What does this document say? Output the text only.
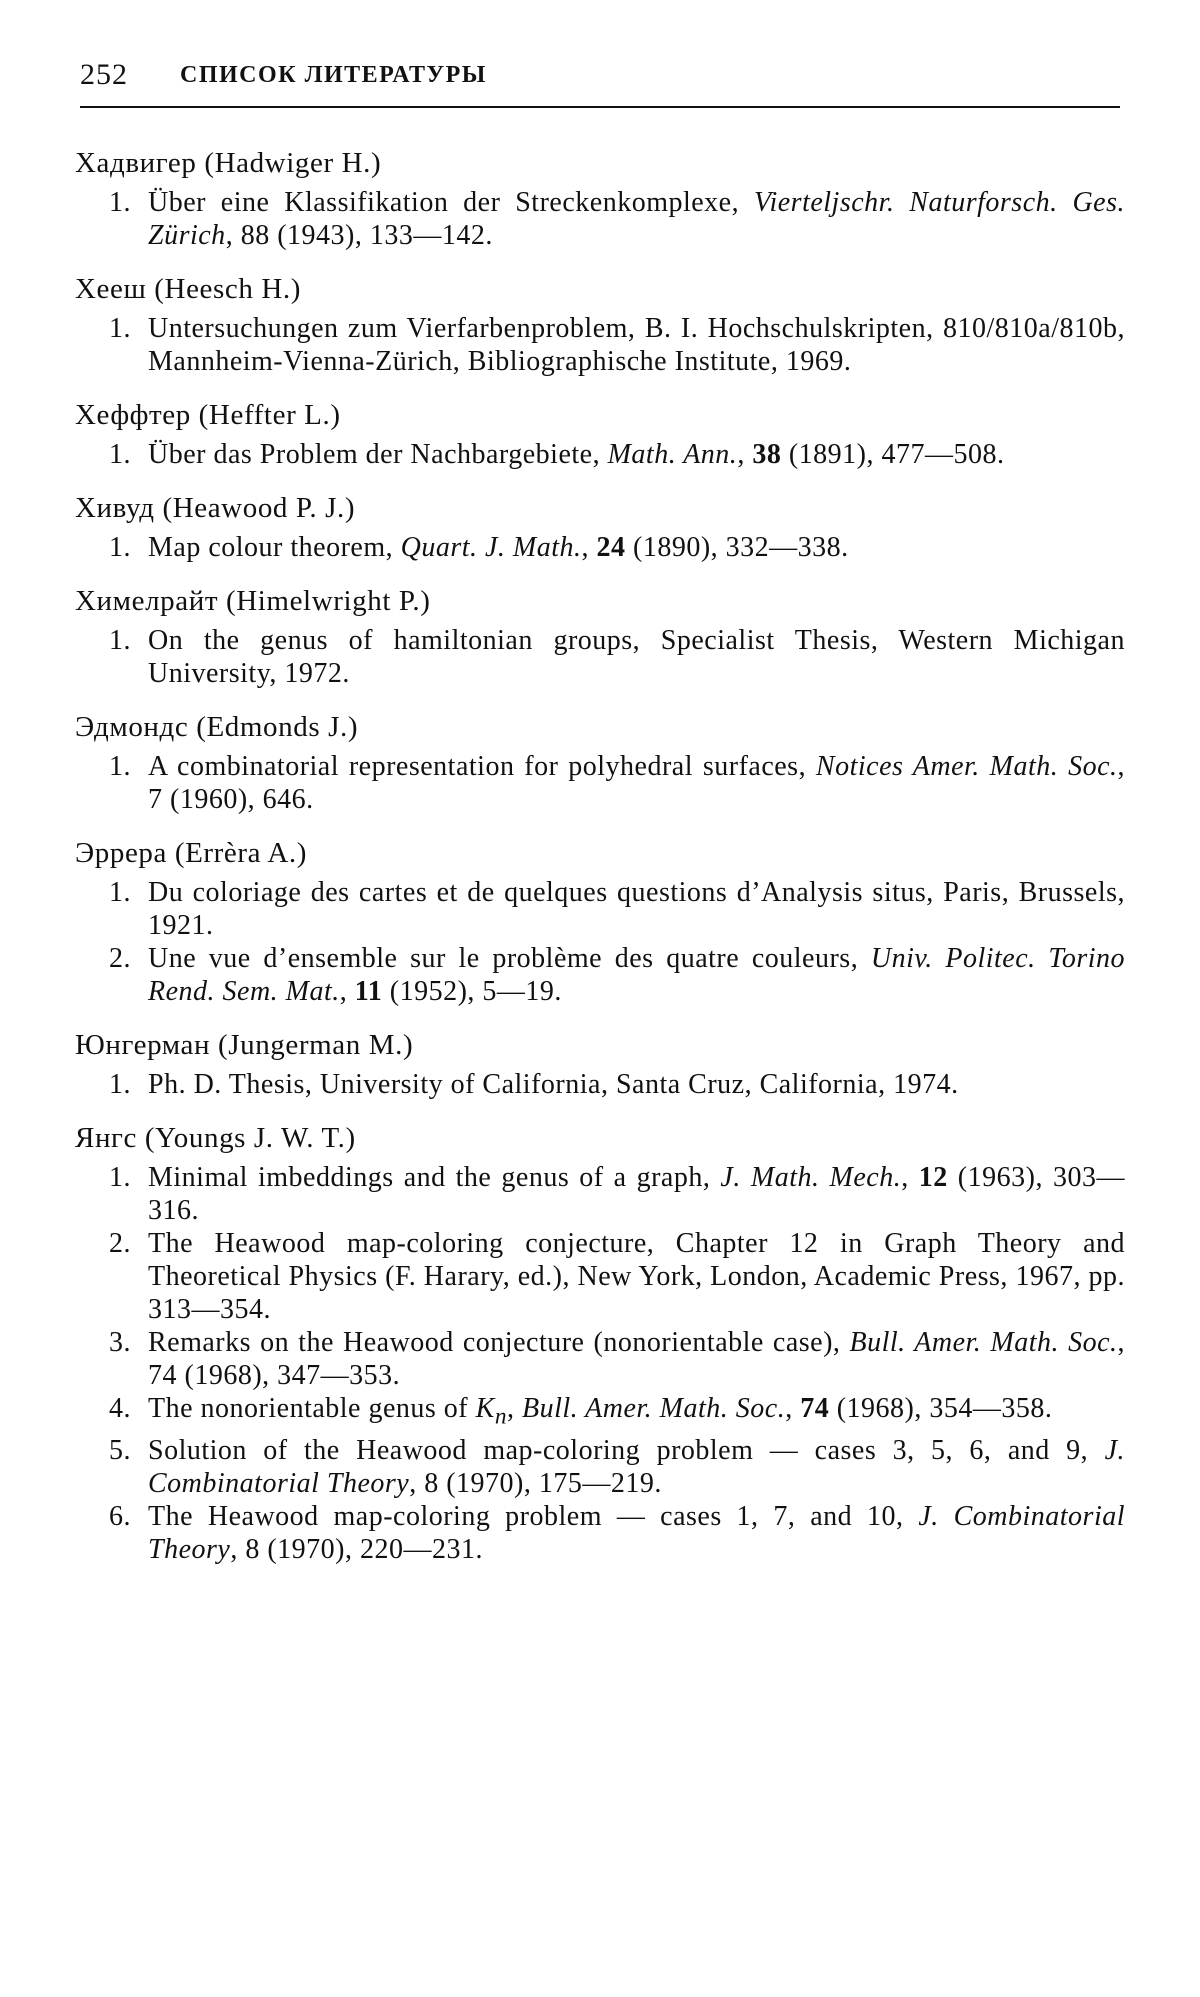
252 СПИСОК ЛИТЕРАТУРЫ
Хадвигер (Hadwiger H.)
1. Über eine Klassifikation der Streckenkomplexe, Vierteljschr. Naturforsch. Ges. Zürich, 88 (1943), 133—142.
Хееш (Heesch H.)
1. Untersuchungen zum Vierfarbenproblem, B. I. Hochschulskripten, 810/810a/810b, Mannheim-Vienna-Zürich, Bibliographische Institute, 1969.
Хеффтер (Heffter L.)
1. Über das Problem der Nachbargebiete, Math. Ann., 38 (1891), 477—508.
Хивуд (Heawood P. J.)
1. Map colour theorem, Quart. J. Math., 24 (1890), 332—338.
Химелрайт (Himelwright P.)
1. On the genus of hamiltonian groups, Specialist Thesis, Western Michigan University, 1972.
Эдмондс (Edmonds J.)
1. A combinatorial representation for polyhedral surfaces, Notices Amer. Math. Soc., 7 (1960), 646.
Эррера (Errèra A.)
1. Du coloriage des cartes et de quelques questions d’Analysis situs, Paris, Brussels, 1921.
2. Une vue d’ensemble sur le problème des quatre couleurs, Univ. Politec. Torino Rend. Sem. Mat., 11 (1952), 5—19.
Юнгерман (Jungerman M.)
1. Ph. D. Thesis, University of California, Santa Cruz, California, 1974.
Янгс (Youngs J. W. T.)
1. Minimal imbeddings and the genus of a graph, J. Math. Mech., 12 (1963), 303—316.
2. The Heawood map-coloring conjecture, Chapter 12 in Graph Theory and Theoretical Physics (F. Harary, ed.), New York, London, Academic Press, 1967, pp. 313—354.
3. Remarks on the Heawood conjecture (nonorientable case), Bull. Amer. Math. Soc., 74 (1968), 347—353.
4. The nonorientable genus of $K_n$, Bull. Amer. Math. Soc., 74 (1968), 354—358.
5. Solution of the Heawood map-coloring problem — cases 3, 5, 6, and 9, J. Combinatorial Theory, 8 (1970), 175—219.
6. The Heawood map-coloring problem — cases 1, 7, and 10, J. Combinatorial Theory, 8 (1970), 220—231.
